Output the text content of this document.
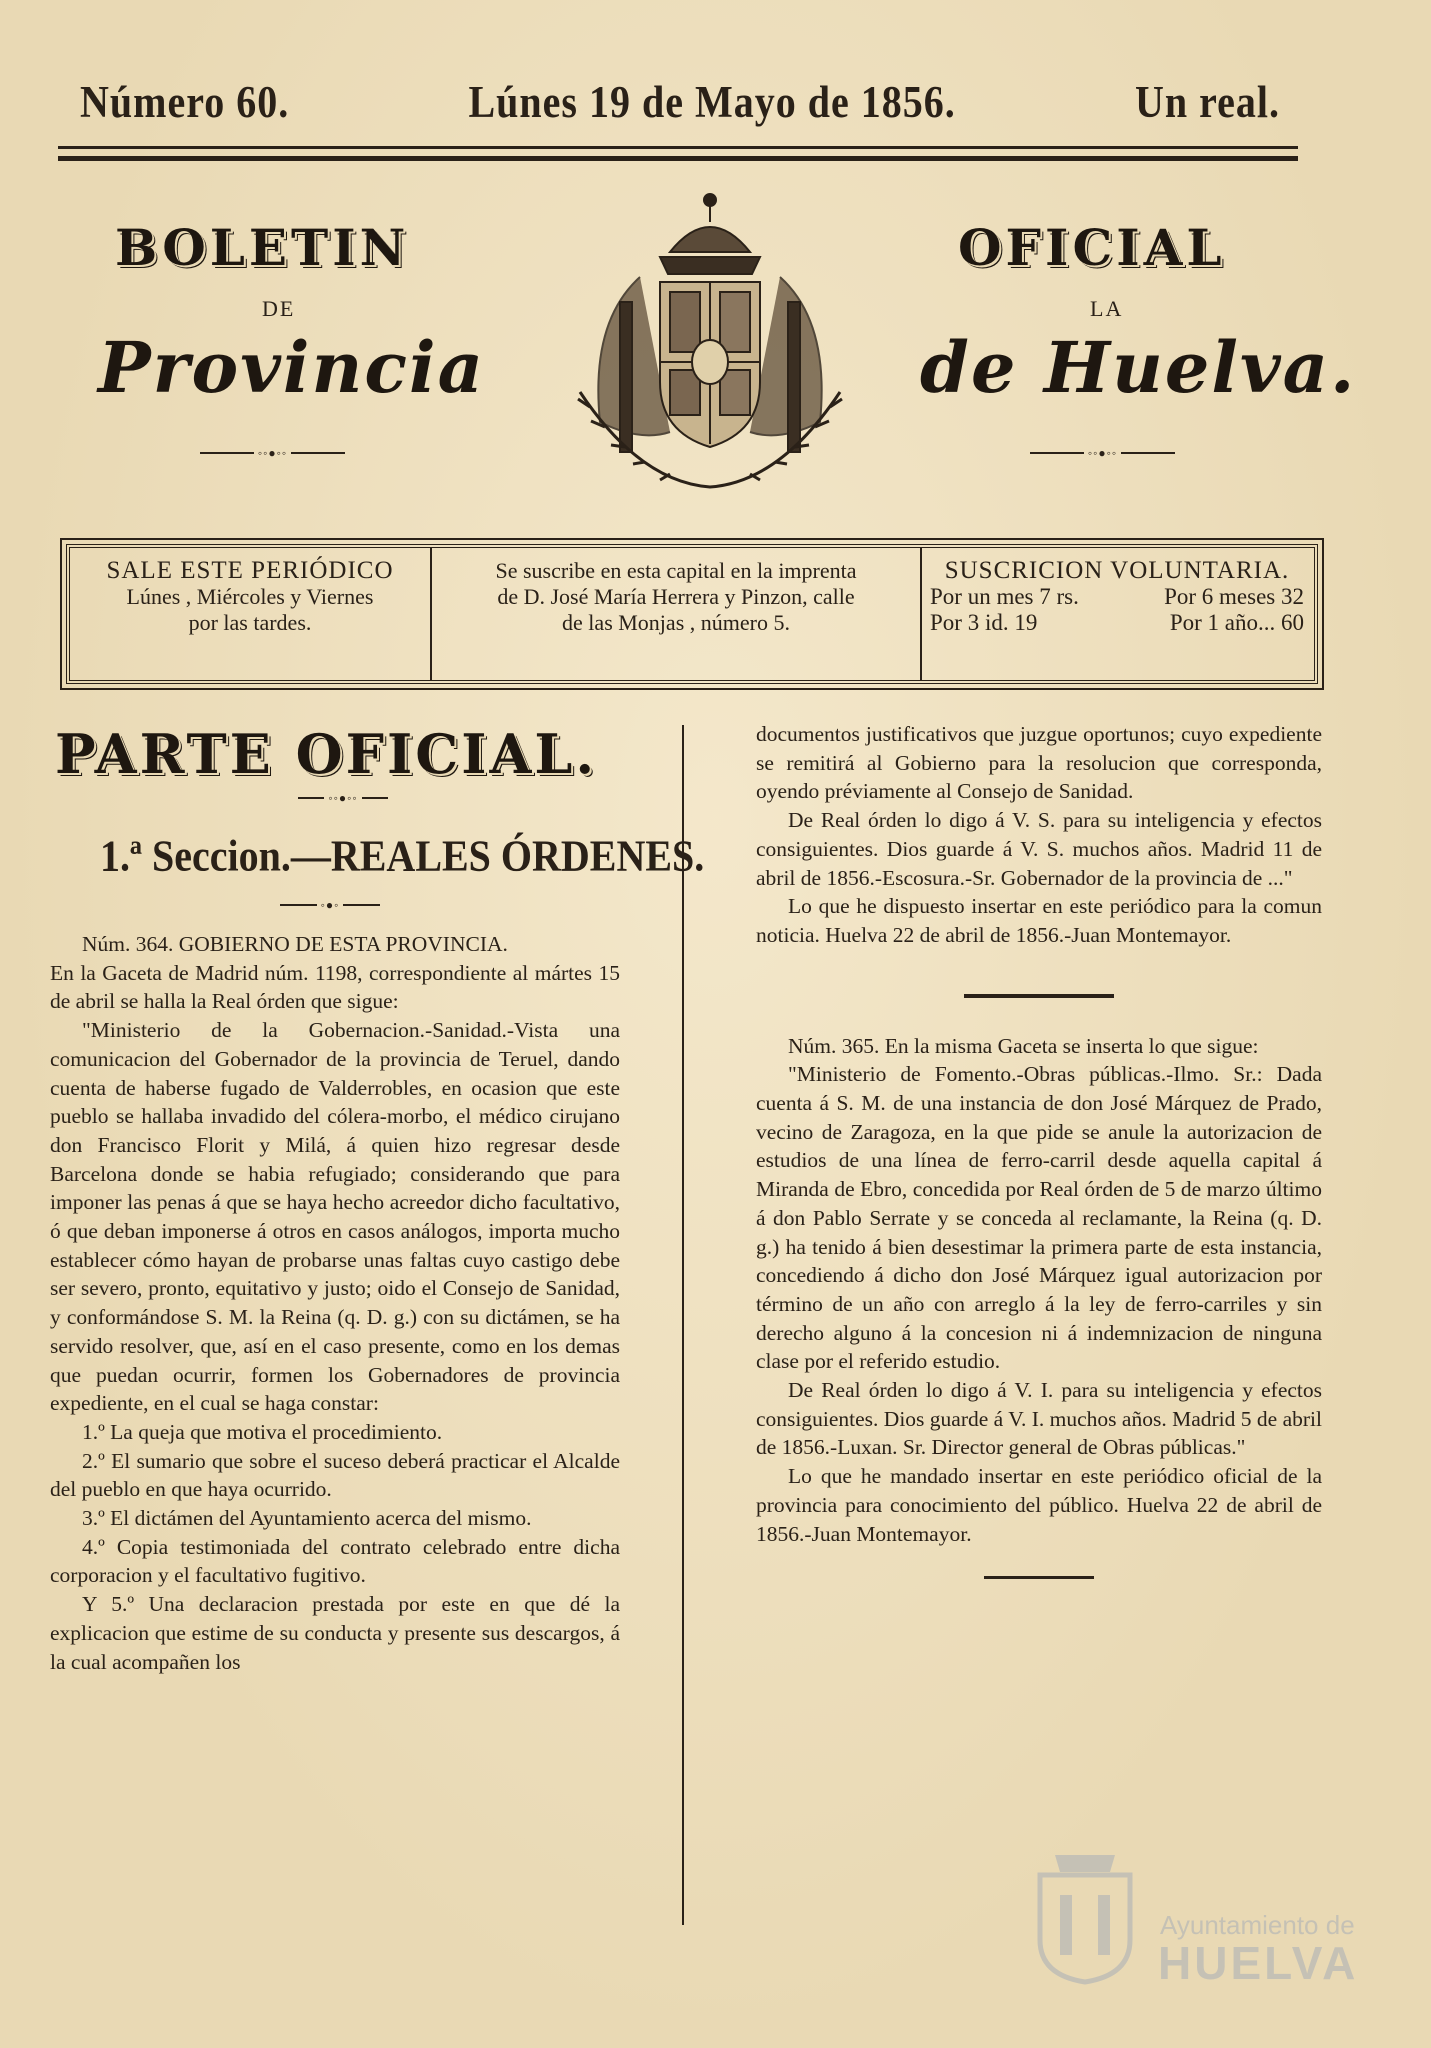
Número 60.	Lúnes 19 de Mayo de 1856.	Un real.
BOLETIN	OFICIAL
DE	LA
Provincia	de Huelva.
◦◦●◦◦	◦◦●◦◦
SALE ESTE PERIÓDICO
Lúnes , Miércoles y Viernes
por las tardes.
Se suscribe en esta capital en la imprenta
de D. José María Herrera y Pinzon, calle
de las Monjas , número 5.
SUSCRICION VOLUNTARIA.
Por un mes 7 rs.	Por 6 meses 32
Por 3 id. 19	Por 1 año... 60
PARTE OFICIAL.
◦◦●◦◦
1.ª Seccion.—REALES ÓRDENES.
◦●◦

Núm. 364. GOBIERNO DE ESTA PROVINCIA.

En la Gaceta de Madrid núm. 1198, correspondiente al mártes 15 de abril se halla la Real órden que sigue:

"Ministerio de la Gobernacion.-Sanidad.-Vista una comunicacion del Gobernador de la provincia de Teruel, dando cuenta de haberse fugado de Valderrobles, en ocasion que este pueblo se hallaba invadido del cólera-morbo, el médico cirujano don Francisco Florit y Milá, á quien hizo regresar desde Barcelona donde se habia refugiado; considerando que para imponer las penas á que se haya hecho acreedor dicho facultativo, ó que deban imponerse á otros en casos análogos, importa mucho establecer cómo hayan de probarse unas faltas cuyo castigo debe ser severo, pronto, equitativo y justo; oido el Consejo de Sanidad, y conformándose S. M. la Reina (q. D. g.) con su dictámen, se ha servido resolver, que, así en el caso presente, como en los demas que puedan ocurrir, formen los Gobernadores de provincia expediente, en el cual se haga constar:

1.º La queja que motiva el procedimiento.

2.º El sumario que sobre el suceso deberá practicar el Alcalde del pueblo en que haya ocurrido.

3.º El dictámen del Ayuntamiento acerca del mismo.

4.º Copia testimoniada del contrato celebrado entre dicha corporacion y el facultativo fugitivo.

Y 5.º Una declaracion prestada por este en que dé la explicacion que estime de su conducta y presente sus descargos, á la cual acompañen los

documentos justificativos que juzgue oportunos; cuyo expediente se remitirá al Gobierno para la resolucion que corresponda, oyendo préviamente al Consejo de Sanidad.

De Real órden lo digo á V. S. para su inteligencia y efectos consiguientes. Dios guarde á V. S. muchos años. Madrid 11 de abril de 1856.-Escosura.-Sr. Gobernador de la provincia de ..."

Lo que he dispuesto insertar en este periódico para la comun noticia. Huelva 22 de abril de 1856.-Juan Montemayor.

Núm. 365. En la misma Gaceta se inserta lo que sigue:

"Ministerio de Fomento.-Obras públicas.-Ilmo. Sr.: Dada cuenta á S. M. de una instancia de don José Márquez de Prado, vecino de Zaragoza, en la que pide se anule la autorizacion de estudios de una línea de ferro-carril desde aquella capital á Miranda de Ebro, concedida por Real órden de 5 de marzo último á don Pablo Serrate y se conceda al reclamante, la Reina (q. D. g.) ha tenido á bien desestimar la primera parte de esta instancia, concediendo á dicho don José Márquez igual autorizacion por término de un año con arreglo á la ley de ferro-carriles y sin derecho alguno á la concesion ni á indemnizacion de ninguna clase por el referido estudio.

De Real órden lo digo á V. I. para su inteligencia y efectos consiguientes. Dios guarde á V. I. muchos años. Madrid 5 de abril de 1856.-Luxan. Sr. Director general de Obras públicas."

Lo que he mandado insertar en este periódico oficial de la provincia para conocimiento del público. Huelva 22 de abril de 1856.-Juan Montemayor.

Ayuntamiento de
HUELVA
